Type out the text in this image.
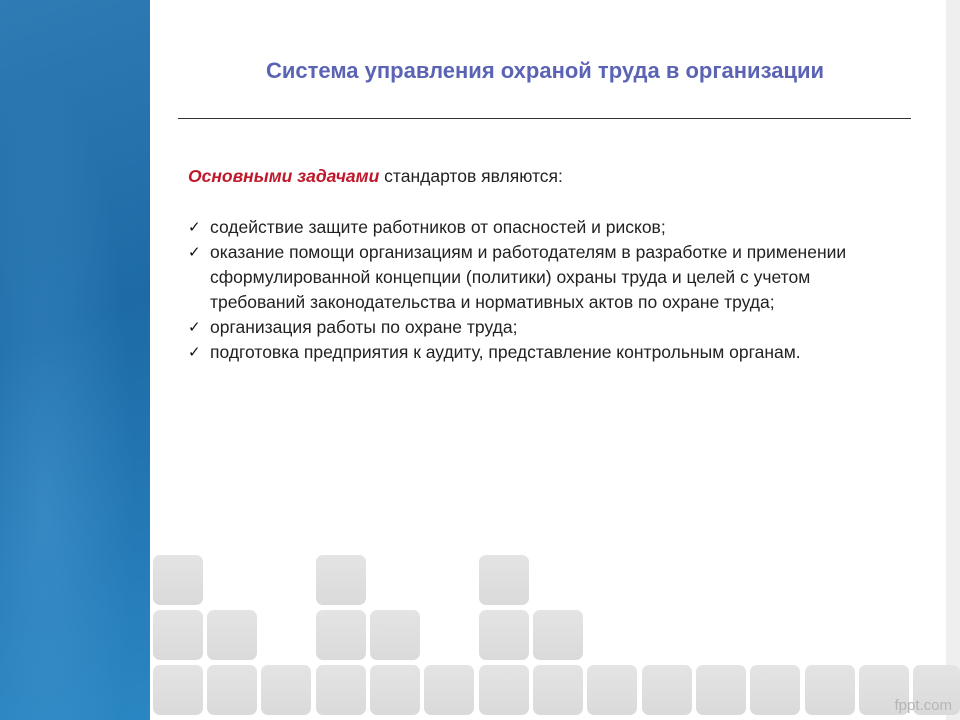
Система управления охраной труда в организации

Основными задачами стандартов являются:

✓ содействие защите работников от опасностей и рисков;
✓ оказание помощи организациям и работодателям в разработке и применении сформулированной концепции (политики) охраны труда и целей с учетом требований законодательства и нормативных актов по охране труда;
✓ организация работы по охране труда;
✓ подготовка предприятия к аудиту, представление контрольным органам.
fppt.com
